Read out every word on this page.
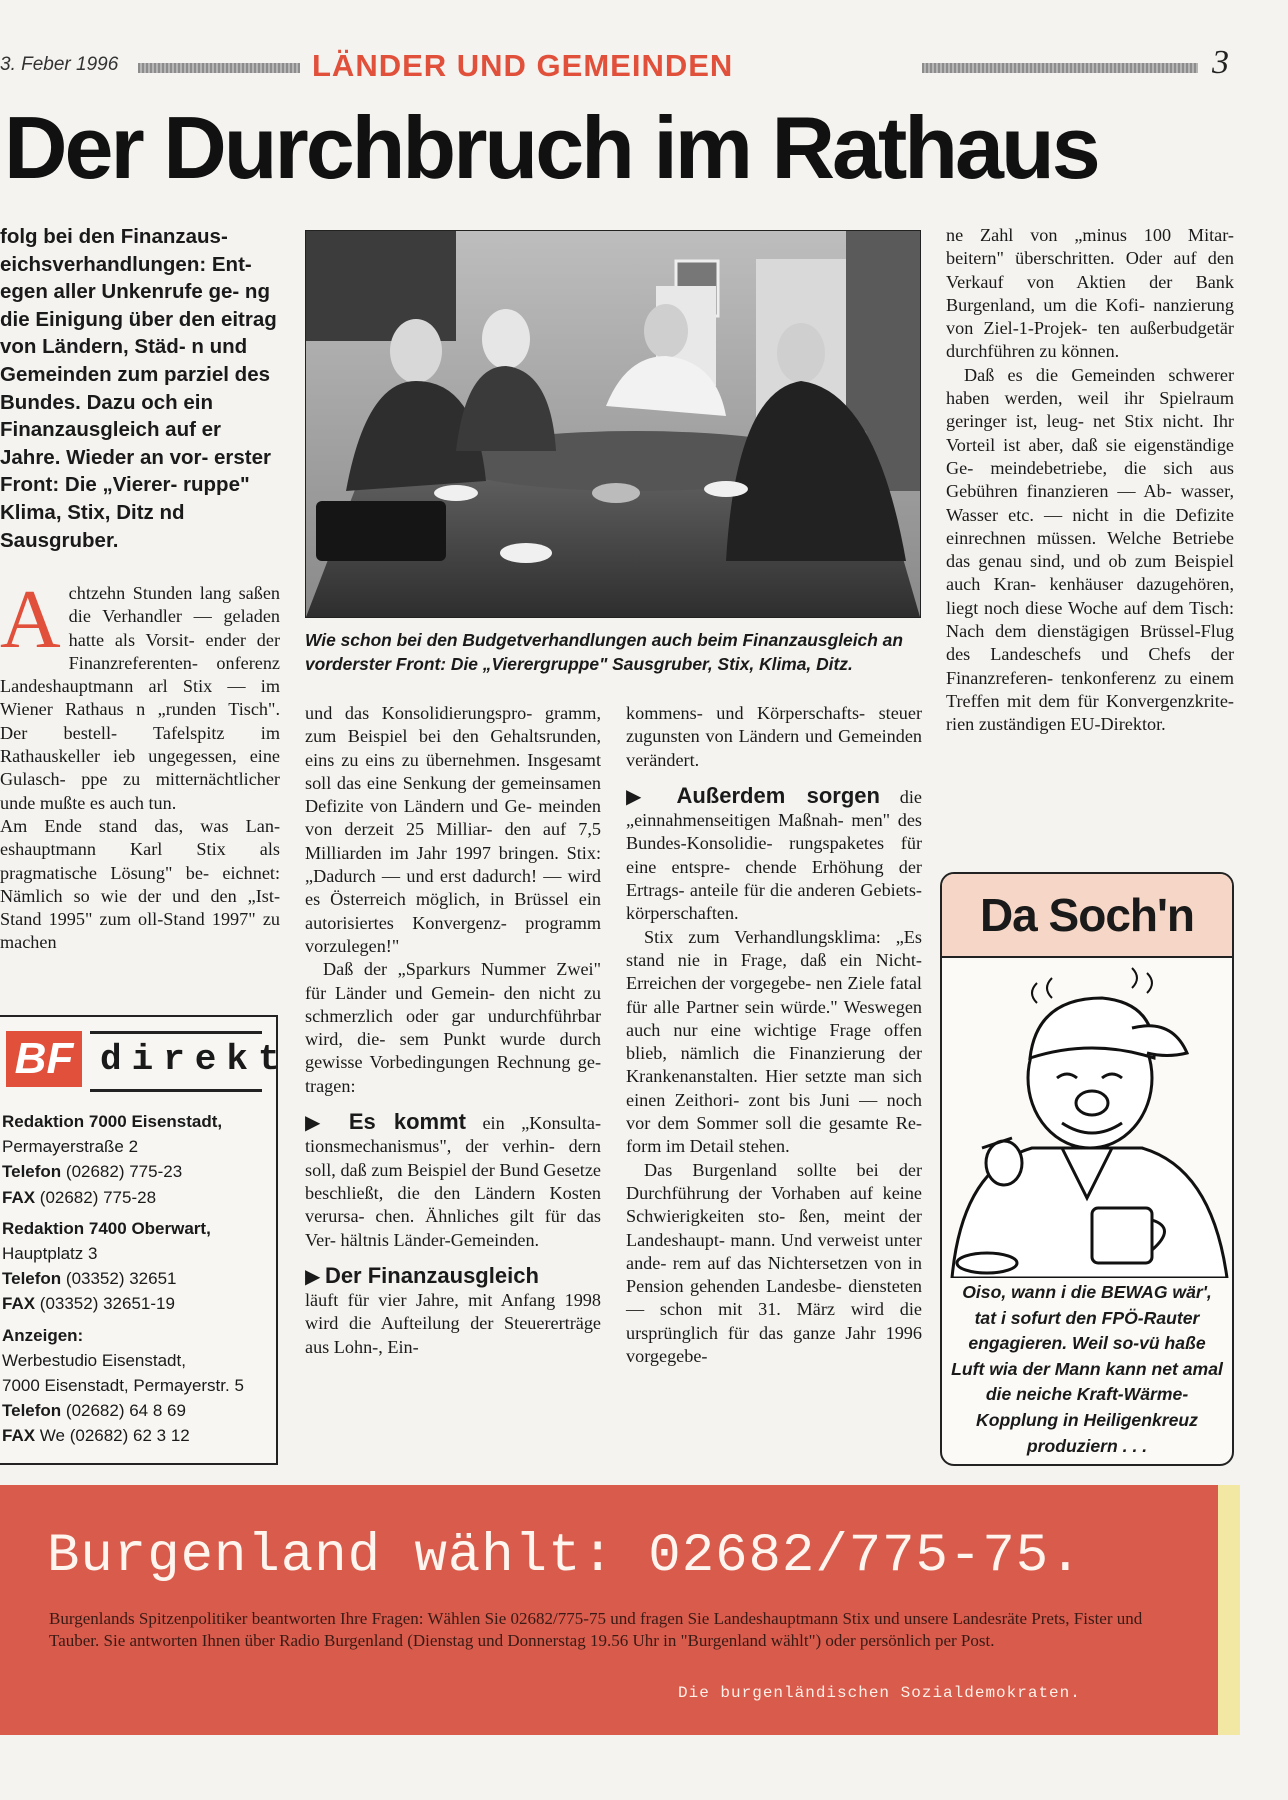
3. Feber 1996	LÄNDER UND GEMEINDEN	3
Der Durchbruch im Rathaus
folg bei den Finanzaus- eichsverhandlungen: Ent- egen aller Unkenrufe ge- ng die Einigung über den eitrag von Ländern, Städ- n und Gemeinden zum parziel des Bundes. Dazu och ein Finanzausgleich auf er Jahre. Wieder an vor- erster Front: Die „Vierer- ruppe" Klima, Stix, Ditz nd Sausgruber.
A chtzehn Stunden lang saßen die Verhandler — geladen hatte als Vorsit- ender der Finanzreferenten- onferenz Landeshauptmann arl Stix — im Wiener Rathaus n „runden Tisch". Der bestell- Tafelspitz im Rathauskeller ieb ungegessen, eine Gulasch- ppe zu mitternächtlicher unde mußte es auch tun.

Am Ende stand das, was Lan- eshauptmann Karl Stix als pragmatische Lösung" be- eichnet: Nämlich so wie der und den „Ist-Stand 1995" zum oll-Stand 1997" zu machen

Wie schon bei den Budgetverhandlungen auch beim Finanzausgleich an vorderster Front: Die „Vierergruppe" Sausgruber, Stix, Klima, Ditz.

und das Konsolidierungspro- gramm, zum Beispiel bei den Gehaltsrunden, eins zu eins zu übernehmen. Insgesamt soll das eine Senkung der gemeinsamen Defizite von Ländern und Ge- meinden von derzeit 25 Milliar- den auf 7,5 Milliarden im Jahr 1997 bringen. Stix: „Dadurch — und erst dadurch! — wird es Österreich möglich, in Brüssel ein autorisiertes Konvergenz- programm vorzulegen!"

Daß der „Sparkurs Nummer Zwei" für Länder und Gemein- den nicht zu schmerzlich oder gar undurchführbar wird, die- sem Punkt wurde durch gewisse Vorbedingungen Rechnung ge- tragen:

▶ Es kommt ein „Konsulta- tionsmechanismus", der verhin- dern soll, daß zum Beispiel der Bund Gesetze beschließt, die den Ländern Kosten verursa- chen. Ähnliches gilt für das Ver- hältnis Länder-Gemeinden.

▶ Der Finanzausgleich

läuft für vier Jahre, mit Anfang 1998 wird die Aufteilung der Steuererträge aus Lohn-, Ein-

kommens- und Körperschafts- steuer zugunsten von Ländern und Gemeinden verändert.

▶ Außerdem sorgen die „einnahmenseitigen Maßnah- men" des Bundes-Konsolidie- rungspaketes für eine entspre- chende Erhöhung der Ertrags- anteile für die anderen Gebiets- körperschaften.

Stix zum Verhandlungsklima: „Es stand nie in Frage, daß ein Nicht-Erreichen der vorgegebe- nen Ziele fatal für alle Partner sein würde." Weswegen auch nur eine wichtige Frage offen blieb, nämlich die Finanzierung der Krankenanstalten. Hier setzte man sich einen Zeithori- zont bis Juni — noch vor dem Sommer soll die gesamte Re- form im Detail stehen.

Das Burgenland sollte bei der Durchführung der Vorhaben auf keine Schwierigkeiten sto- ßen, meint der Landeshaupt- mann. Und verweist unter ande- rem auf das Nichtersetzen von in Pension gehenden Landesbe- diensteten — schon mit 31. März wird die ursprünglich für das ganze Jahr 1996 vorgegebe-

ne Zahl von „minus 100 Mitar- beitern" überschritten. Oder auf den Verkauf von Aktien der Bank Burgenland, um die Kofi- nanzierung von Ziel-1-Projek- ten außerbudgetär durchführen zu können.

Daß es die Gemeinden schwerer haben werden, weil ihr Spielraum geringer ist, leug- net Stix nicht. Ihr Vorteil ist aber, daß sie eigenständige Ge- meindebetriebe, die sich aus Gebühren finanzieren — Ab- wasser, Wasser etc. — nicht in die Defizite einrechnen müssen. Welche Betriebe das genau sind, und ob zum Beispiel auch Kran- kenhäuser dazugehören, liegt noch diese Woche auf dem Tisch: Nach dem dienstägigen Brüssel-Flug des Landeschefs und Chefs der Finanzreferen- tenkonferenz zu einem Treffen mit dem für Konvergenzkrite- rien zuständigen EU-Direktor.

BF direkt
Redaktion 7000 Eisenstadt,
Permayerstraße 2
Telefon (02682) 775-23
FAX (02682) 775-28
Redaktion 7400 Oberwart,
Hauptplatz 3
Telefon (03352) 32651
FAX (03352) 32651-19
Anzeigen:
Werbestudio Eisenstadt,
7000 Eisenstadt, Permayerstr. 5
Telefon (02682) 64 8 69
FAX We (02682) 62 3 12
Da Soch'n
Oiso, wann i die BEWAG wär', tat i sofurt den FPÖ-Rauter engagieren. Weil so-vü haße Luft wia der Mann kann net amal die neiche Kraft-Wärme-Kopplung in Heiligenkreuz produziern . . .
Burgenland wählt: 02682/775-75.
Burgenlands Spitzenpolitiker beantworten Ihre Fragen: Wählen Sie 02682/775-75 und fragen Sie Landeshauptmann Stix und unsere Landesräte Prets, Fister und Tauber. Sie antworten Ihnen über Radio Burgenland (Dienstag und Donnerstag 19.56 Uhr in "Burgenland wählt") oder persönlich per Post.
Die burgenländischen Sozialdemokraten.
